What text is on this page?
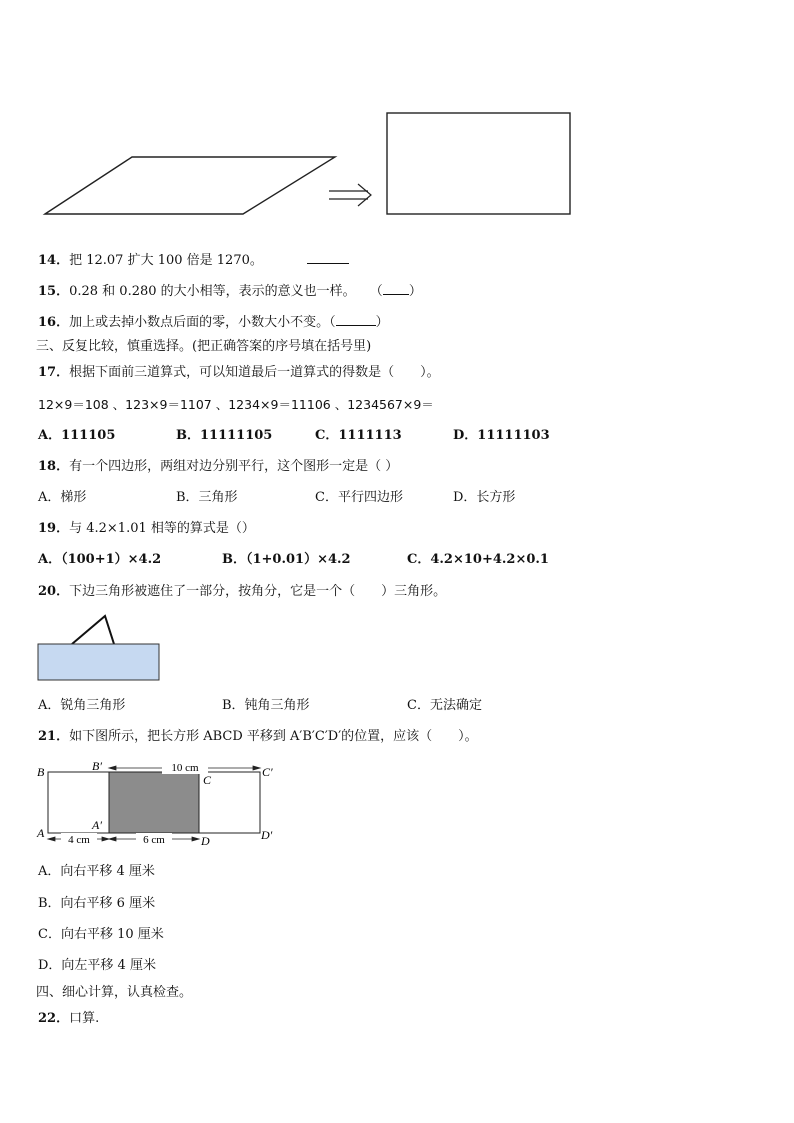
14．把 12.07 扩大 100 倍是 1270。
15．0.28 和 0.280 的大小相等，表示的意义也一样。 （ ）
16．加上或去掉小数点后面的零，小数大小不变。（	）
三、反复比较，慎重选择。(把正确答案的序号填在括号里)
17．根据下面前三道算式，可以知道最后一道算式的得数是（　　）。
12×9＝108 、123×9＝1107 、1234×9＝11106 、1234567×9＝
A．111105	B．11111105	C．1111113	D．11111103
18．有一个四边形，两组对边分别平行，这个图形一定是（ ）
A．梯形	B．三角形	C．平行四边形	D．长方形
19．与 4.2×1.01 相等的算式是（）
A．（100+1）×4.2	B．（1+0.01）×4.2	C．4.2×10+4.2×0.1
20．下边三角形被遮住了一部分，按角分，它是一个（　　）三角形。
A．锐角三角形	B．钝角三角形	C．无法确定
21．如下图所示，把长方形 ABCD 平移到 A′B′C′D′的位置，应该（　　）。
10 cm
4 cm	6 cm
B	B′
C
C′
A
A′
D	D′
A．向右平移 4 厘米
B．向右平移 6 厘米
C．向右平移 10 厘米
D．向左平移 4 厘米
四、细心计算，认真检查。
22．口算.
